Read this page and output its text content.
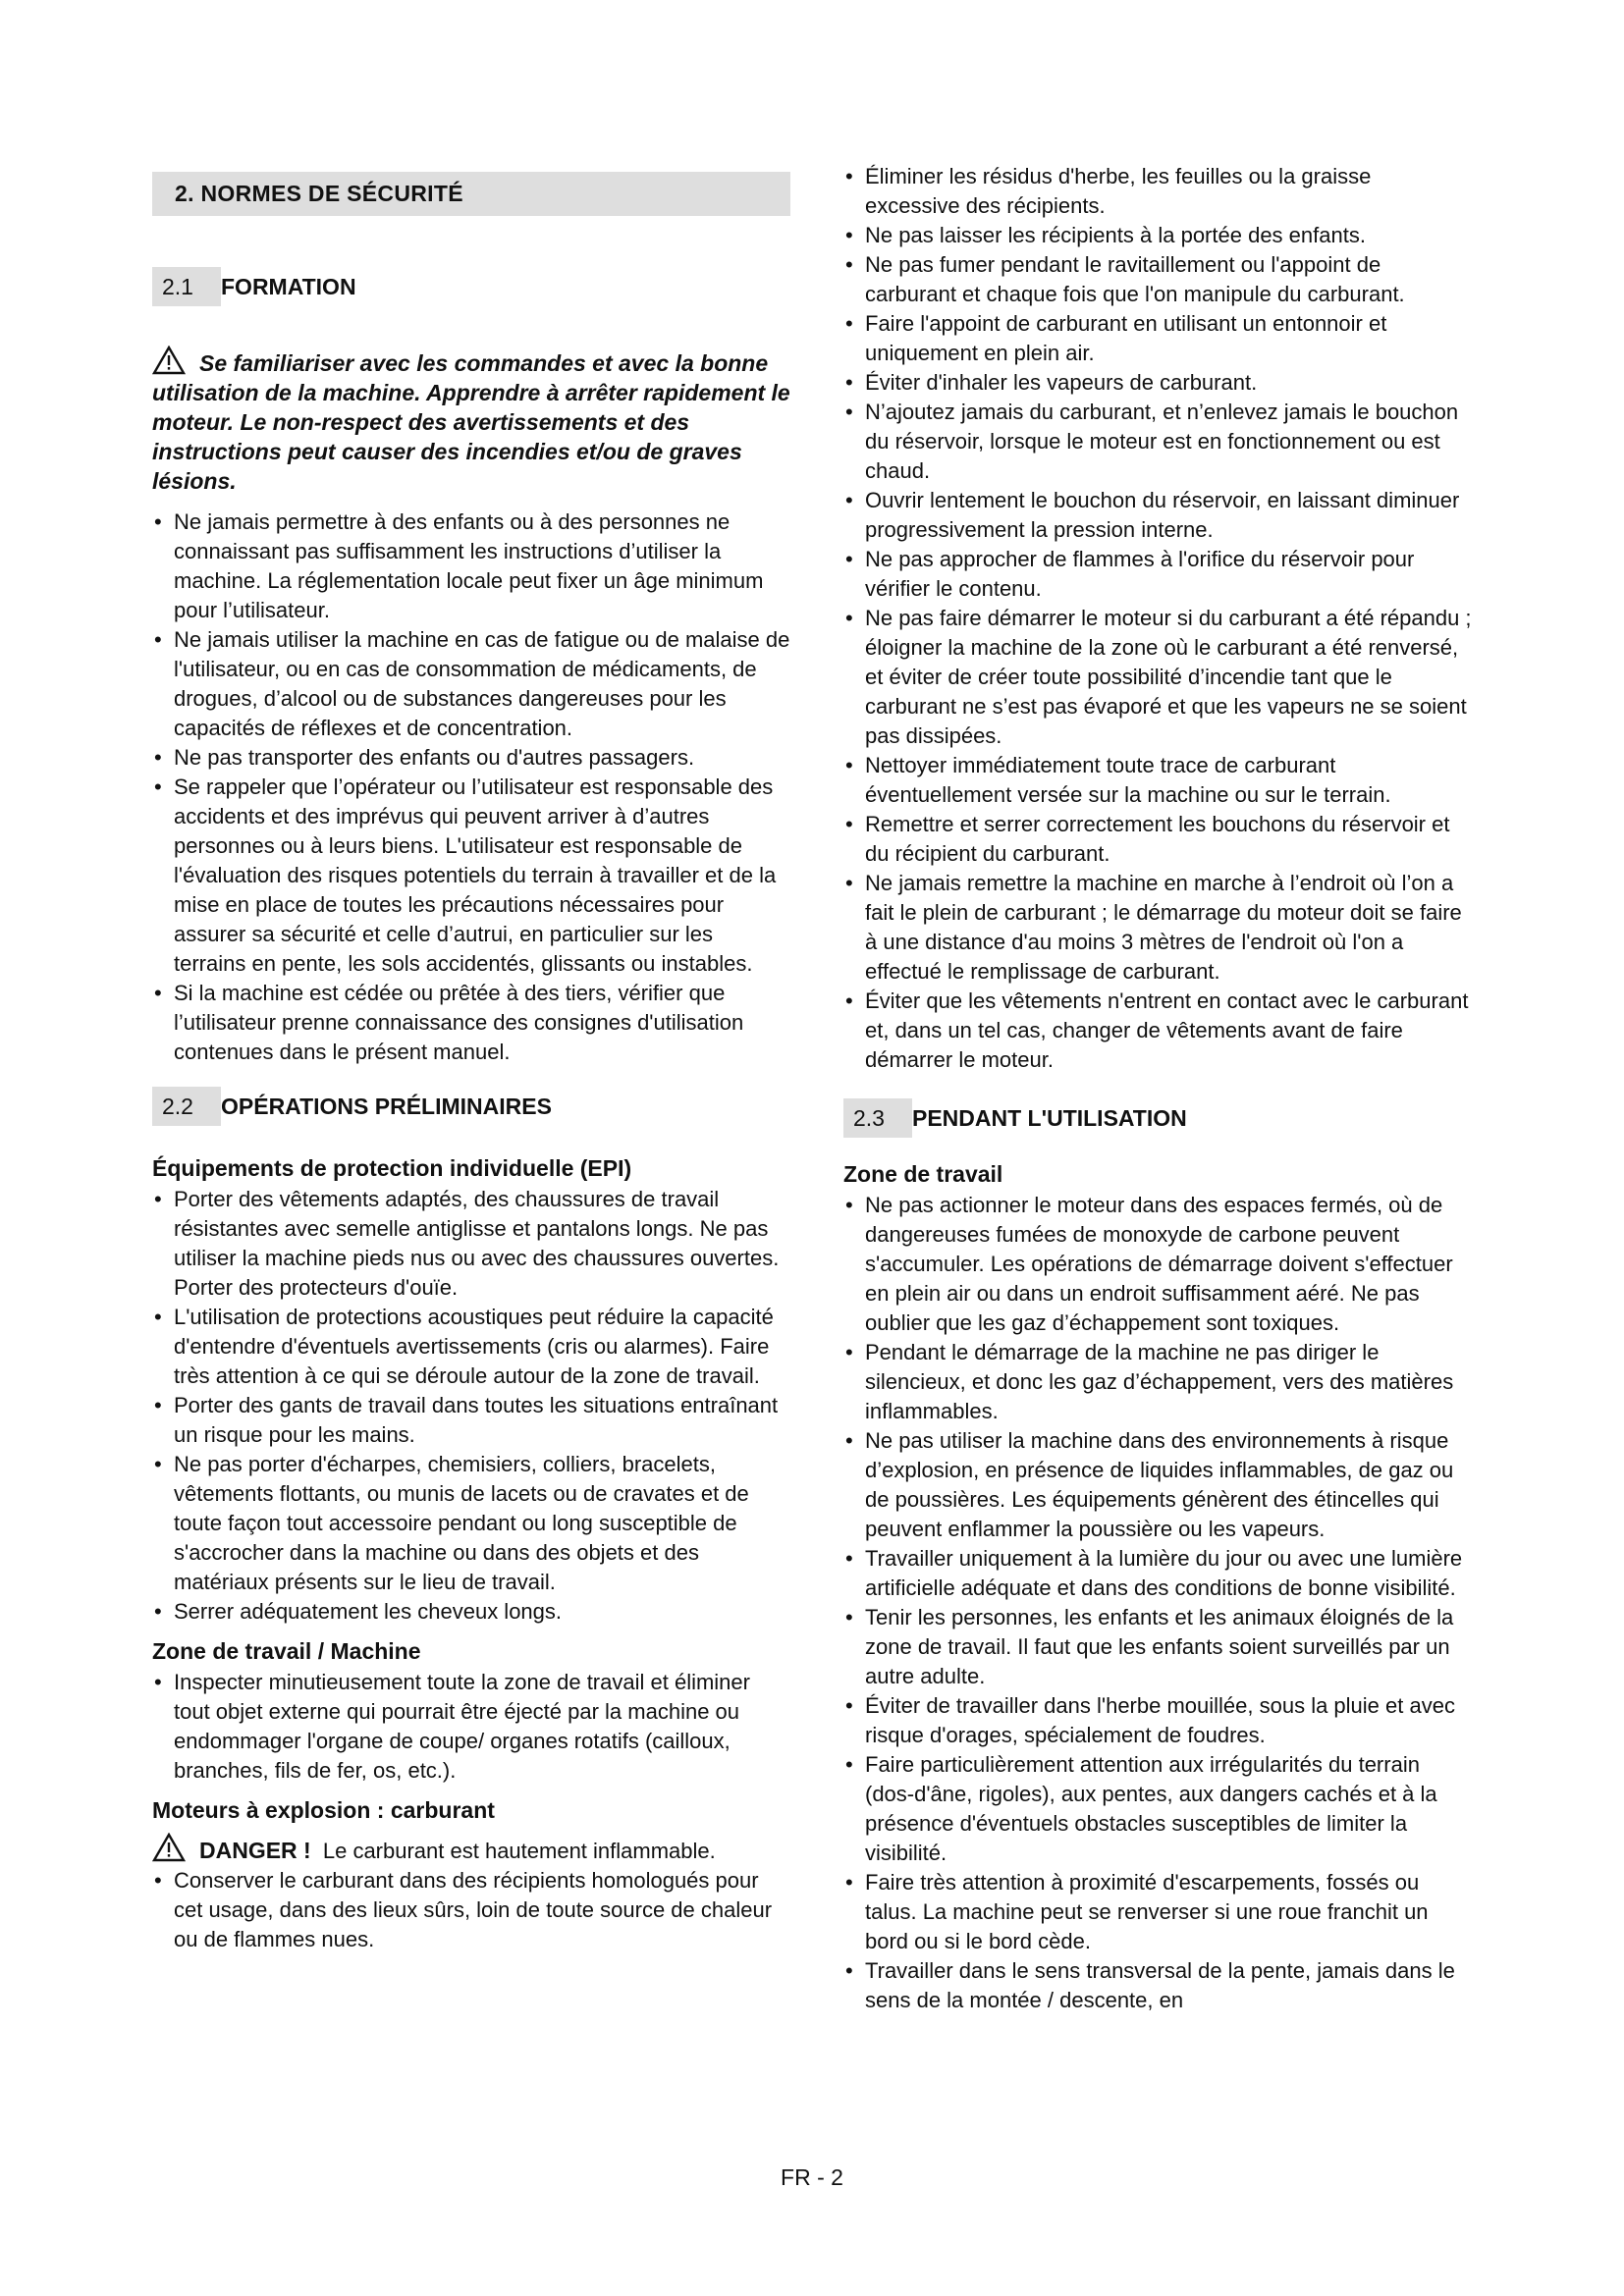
2. NORMES DE SÉCURITÉ
2.1	FORMATION
Se familiariser avec les commandes et avec la bonne utilisation de la machine. Apprendre à arrêter rapidement le moteur. Le non-respect des avertissements et des instructions peut causer des incendies et/ou de graves lésions.
• Ne jamais permettre à des enfants ou à des personnes ne connaissant pas suffisamment les instructions d’utiliser la machine. La réglementation locale peut fixer un âge minimum pour l’utilisateur.
• Ne jamais utiliser la machine en cas de fatigue ou de malaise de l'utilisateur, ou en cas de consommation de médicaments, de drogues, d’alcool ou de substances dangereuses pour les capacités de réflexes et de concentration.
• Ne pas transporter des enfants ou d'autres passagers.
• Se rappeler que l’opérateur ou l’utilisateur est responsable des accidents et des imprévus qui peuvent arriver à d’autres personnes ou à leurs biens. L'utilisateur est responsable de l'évaluation des risques potentiels du terrain à travailler et de la mise en place de toutes les précautions nécessaires pour assurer sa sécurité et celle d’autrui, en particulier sur les terrains en pente, les sols accidentés, glissants ou instables.
• Si la machine est cédée ou prêtée à des tiers, vérifier que l’utilisateur prenne connaissance des consignes d'utilisation contenues dans le présent manuel.
2.2	OPÉRATIONS PRÉLIMINAIRES
Équipements de protection individuelle (EPI)
• Porter des vêtements adaptés, des chaussures de travail résistantes avec semelle antiglisse et pantalons longs. Ne pas utiliser la machine pieds nus ou avec des chaussures ouvertes. Porter des protecteurs d'ouïe.
• L'utilisation de protections acoustiques peut réduire la capacité d'entendre d'éventuels avertissements (cris ou alarmes). Faire très attention à ce qui se déroule autour de la zone de travail.
• Porter des gants de travail dans toutes les situations entraînant un risque pour les mains.
• Ne pas porter d'écharpes, chemisiers, colliers, bracelets, vêtements flottants, ou munis de lacets ou de cravates et de toute façon tout accessoire pendant ou long susceptible de s'accrocher dans la machine ou dans des objets et des matériaux présents sur le lieu de travail.
• Serrer adéquatement les cheveux longs.
Zone de travail / Machine
• Inspecter minutieusement toute la zone de travail et éliminer tout objet externe qui pourrait être éjecté par la machine ou endommager l'organe de coupe/ organes rotatifs (cailloux, branches, fils de fer, os, etc.).
Moteurs à explosion : carburant
DANGER ! Le carburant est hautement inflammable.
• Conserver le carburant dans des récipients homologués pour cet usage, dans des lieux sûrs, loin de toute source de chaleur ou de flammes nues.
• Éliminer les résidus d'herbe, les feuilles ou la graisse excessive des récipients.
• Ne pas laisser les récipients à la portée des enfants.
• Ne pas fumer pendant le ravitaillement ou l'appoint de carburant et chaque fois que l'on manipule du carburant.
• Faire l'appoint de carburant en utilisant un entonnoir et uniquement en plein air.
• Éviter d'inhaler les vapeurs de carburant.
• N’ajoutez jamais du carburant, et n’enlevez jamais le bouchon du réservoir, lorsque le moteur est en fonctionnement ou est chaud.
• Ouvrir lentement le bouchon du réservoir, en laissant diminuer progressivement la pression interne.
• Ne pas approcher de flammes à l'orifice du réservoir pour vérifier le contenu.
• Ne pas faire démarrer le moteur si du carburant a été répandu ; éloigner la machine de la zone où le carburant a été renversé, et éviter de créer toute possibilité d’incendie tant que le carburant ne s’est pas évaporé et que les vapeurs ne se soient pas dissipées.
• Nettoyer immédiatement toute trace de carburant éventuellement versée sur la machine ou sur le terrain.
• Remettre et serrer correctement les bouchons du réservoir et du récipient du carburant.
• Ne jamais remettre la machine en marche à l’endroit où l’on a fait le plein de carburant ; le démarrage du moteur doit se faire à une distance d'au moins 3 mètres de l'endroit où l'on a effectué le remplissage de carburant.
• Éviter que les vêtements n'entrent en contact avec le carburant et, dans un tel cas, changer de vêtements avant de faire démarrer le moteur.
2.3	PENDANT L'UTILISATION
Zone de travail
• Ne pas actionner le moteur dans des espaces fermés, où de dangereuses fumées de monoxyde de carbone peuvent s'accumuler. Les opérations de démarrage doivent s'effectuer en plein air ou dans un endroit suffisamment aéré. Ne pas oublier que les gaz d’échappement sont toxiques.
• Pendant le démarrage de la machine ne pas diriger le silencieux, et donc les gaz d’échappement, vers des matières inflammables.
• Ne pas utiliser la machine dans des environnements à risque d’explosion, en présence de liquides inflammables, de gaz ou de poussières. Les équipements génèrent des étincelles qui peuvent enflammer la poussière ou les vapeurs.
• Travailler uniquement à la lumière du jour ou avec une lumière artificielle adéquate et dans des conditions de bonne visibilité.
• Tenir les personnes, les enfants et les animaux éloignés de la zone de travail. Il faut que les enfants soient surveillés par un autre adulte.
• Éviter de travailler dans l'herbe mouillée, sous la pluie et avec risque d'orages, spécialement de foudres.
• Faire particulièrement attention aux irrégularités du terrain (dos-d'âne, rigoles), aux pentes, aux dangers cachés et à la présence d'éventuels obstacles susceptibles de limiter la visibilité.
• Faire très attention à proximité d'escarpements, fossés ou talus. La machine peut se renverser si une roue franchit un bord ou si le bord cède.
• Travailler dans le sens transversal de la pente, jamais dans le sens de la montée / descente, en
FR - 2
